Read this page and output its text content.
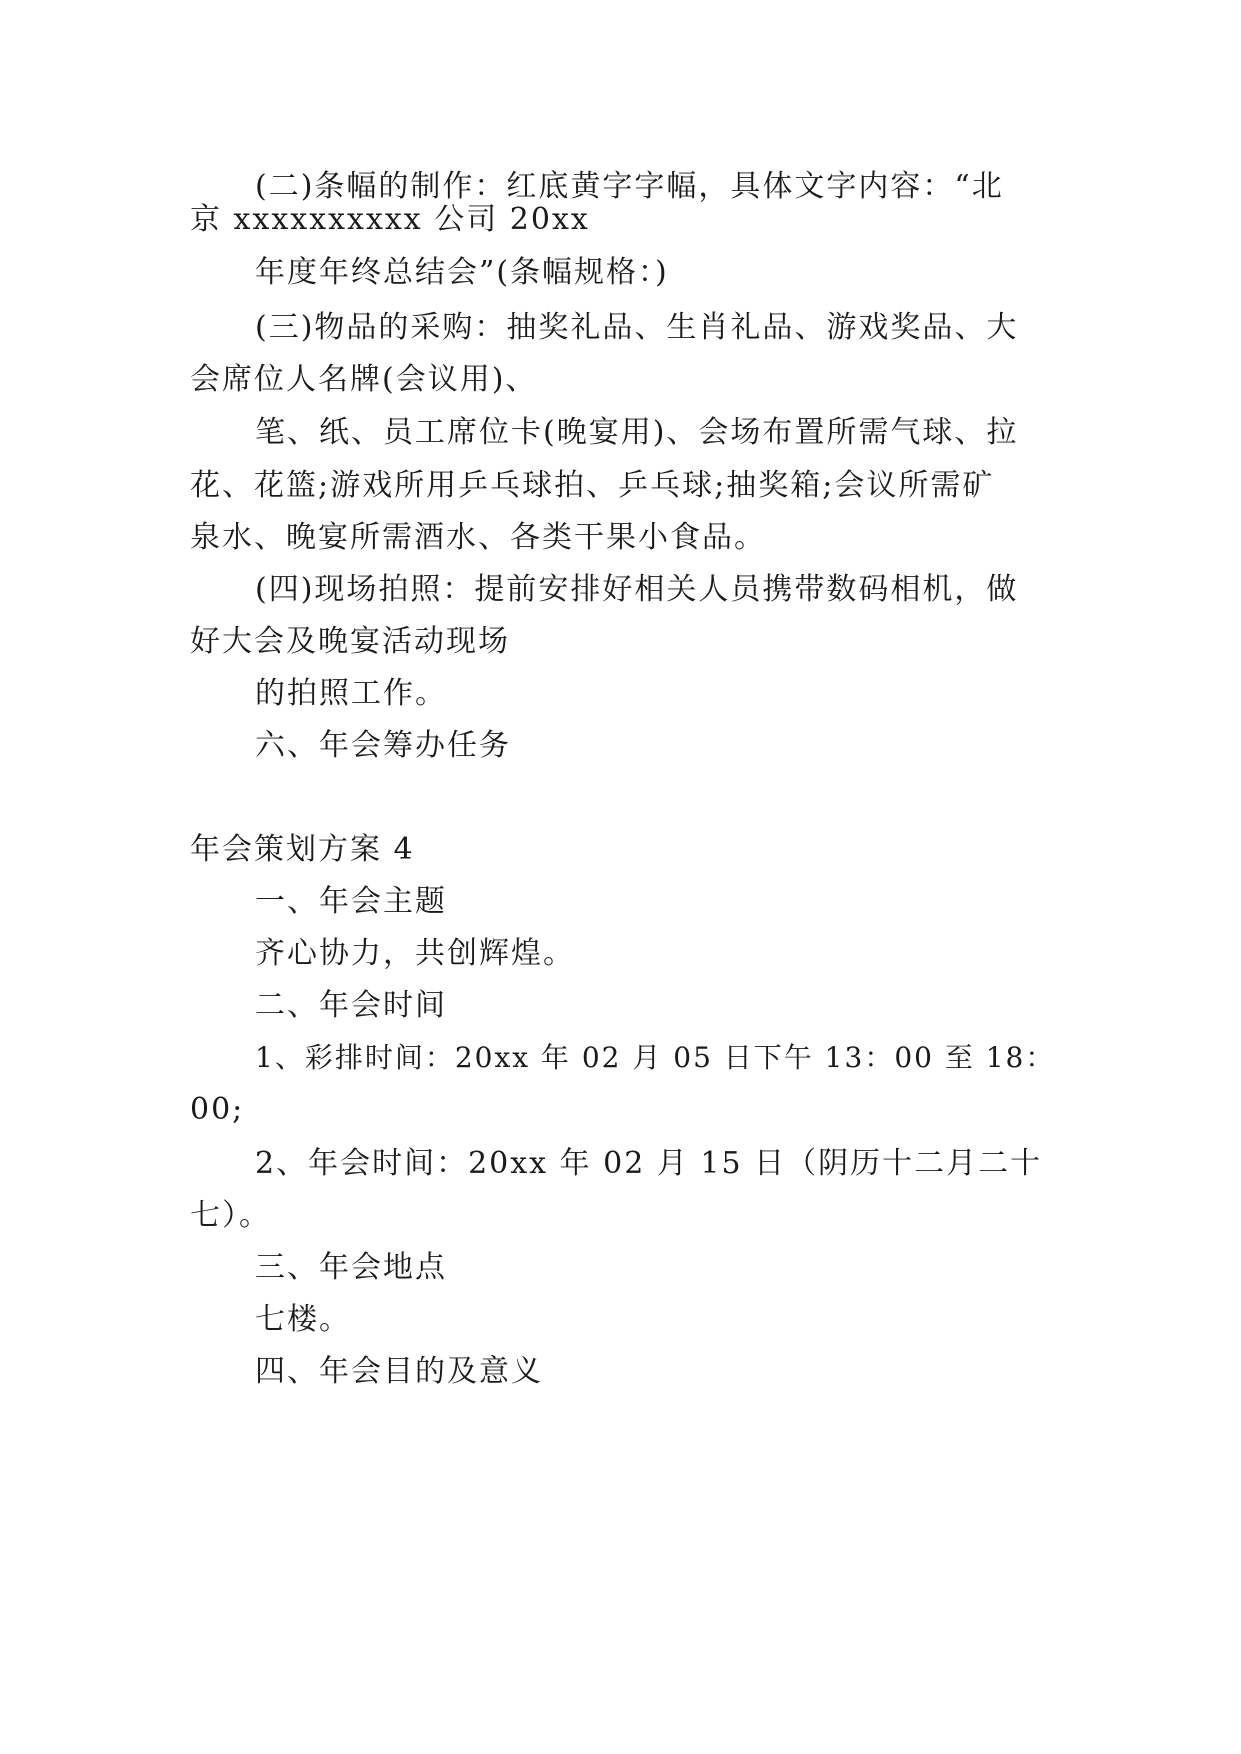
(二)条幅的制作：红底黄字字幅，具体文字内容：“北
京 xxxxxxxxxx 公司 20xx
年度年终总结会”(条幅规格：)
(三)物品的采购：抽奖礼品、生肖礼品、游戏奖品、大
会席位人名牌(会议用)、
笔、纸、员工席位卡(晚宴用)、会场布置所需气球、拉
花、花篮;游戏所用乒乓球拍、乒乓球;抽奖箱;会议所需矿
泉水、晚宴所需酒水、各类干果小食品。
(四)现场拍照：提前安排好相关人员携带数码相机，做
好大会及晚宴活动现场
的拍照工作。
六、年会筹办任务
年会策划方案 4
一、年会主题
齐心协力，共创辉煌。
二、年会时间
1、彩排时间：20xx 年 02 月 05 日下午 13：00 至 18：
00;
2、年会时间：20xx 年 02 月 15 日（阴历十二月二十
七）。
三、年会地点
七楼。
四、年会目的及意义
